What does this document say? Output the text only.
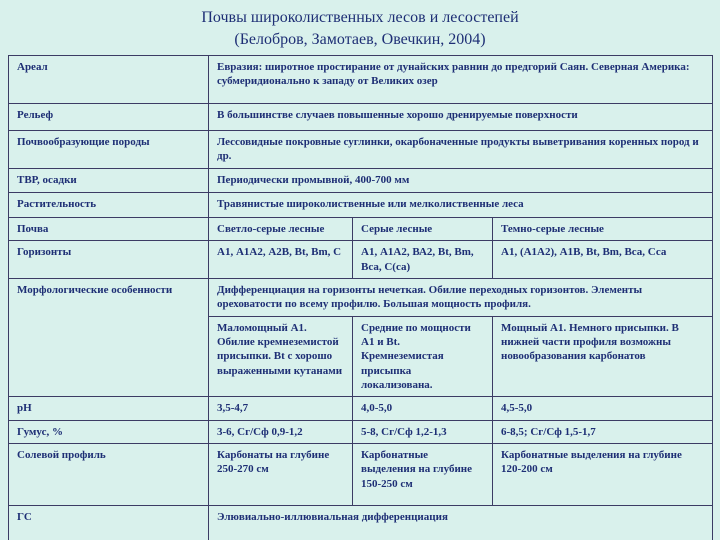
Почвы широколиственных лесов и лесостепей
(Белобров, Замотаев, Овечкин, 2004)
Ареал	Евразия: широтное простирание от дунайских равнин до предгорий Саян. Северная Америка: субмеридионально к западу от Великих озер		
Рельеф	В большинстве случаев повышенные хорошо дренируемые поверхности		
Почвообразующие породы	Лессовидные покровные суглинки, окарбоначенные продукты выветривания коренных пород и др.		
ТВР, осадки	Периодически промывной, 400-700 мм		
Растительность	Травянистые широколиственные или мелколиственные леса		
Почва	Светло-серые лесные	Серые лесные	Темно-серые лесные
Горизонты	А1, А1А2, А2В, Bt, Bm, С	А1, А1А2, ВА2, Bt, Bm, Вса, С(са)	А1, (А1А2), А1В, Bt, Bm, Вса, Сса
Морфологические особенности	Дифференциация на горизонты нечеткая. Обилие переходных горизонтов. Элементы ореховатости по всему профилю. Большая мощность профиля.		
	Маломощный А1. Обилие кремнеземистой присыпки. Bt с хорошо выраженными кутанами	Средние по мощности А1 и Bt. Кремнеземистая присыпка локализована.	Мощный А1. Немного присыпки. В нижней части профиля возможны новообразования карбонатов
рН	3,5-4,7	4,0-5,0	4,5-5,0
Гумус, %	3-6, Сг/Сф 0,9-1,2	5-8, Сг/Сф 1,2-1,3	6-8,5; Сг/Сф 1,5-1,7
Солевой профиль	Карбонаты на глубине 250-270 см	Карбонатные выделения на глубине 150-250 см	Карбонатные выделения на глубине 120-200 см
ГС	Элювиально-иллювиальная дифференциация		
